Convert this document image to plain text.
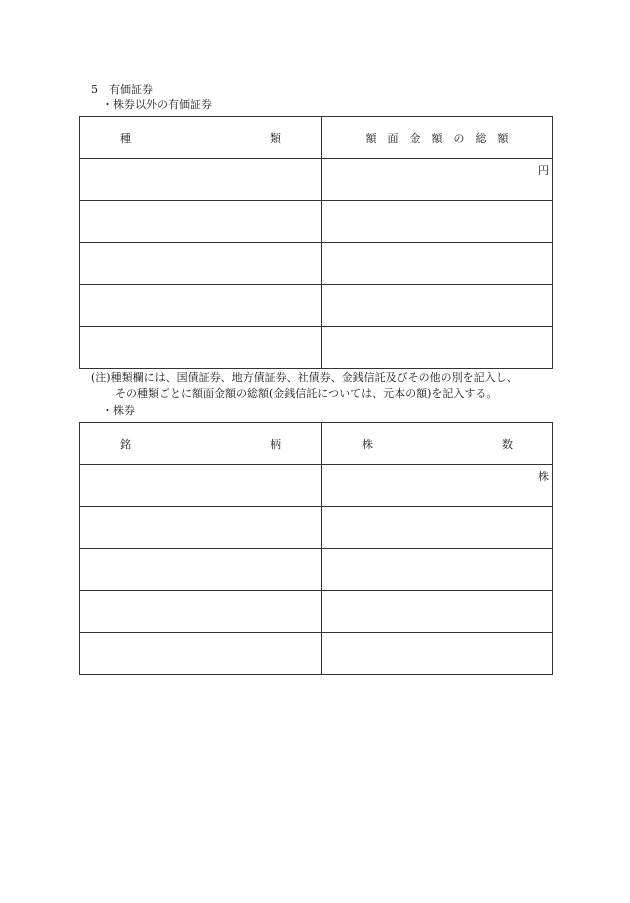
5　有価証券
・株券以外の有価証券
種 類	額面金額の総額

	円

(注)種類欄には、国債証券、地方債証券、社債券、金銭信託及びその他の別を記入し、
その種類ごとに額面金額の総額(金銭信託については、元本の額)を記入する。
・株券
銘 柄	株 数

	株
